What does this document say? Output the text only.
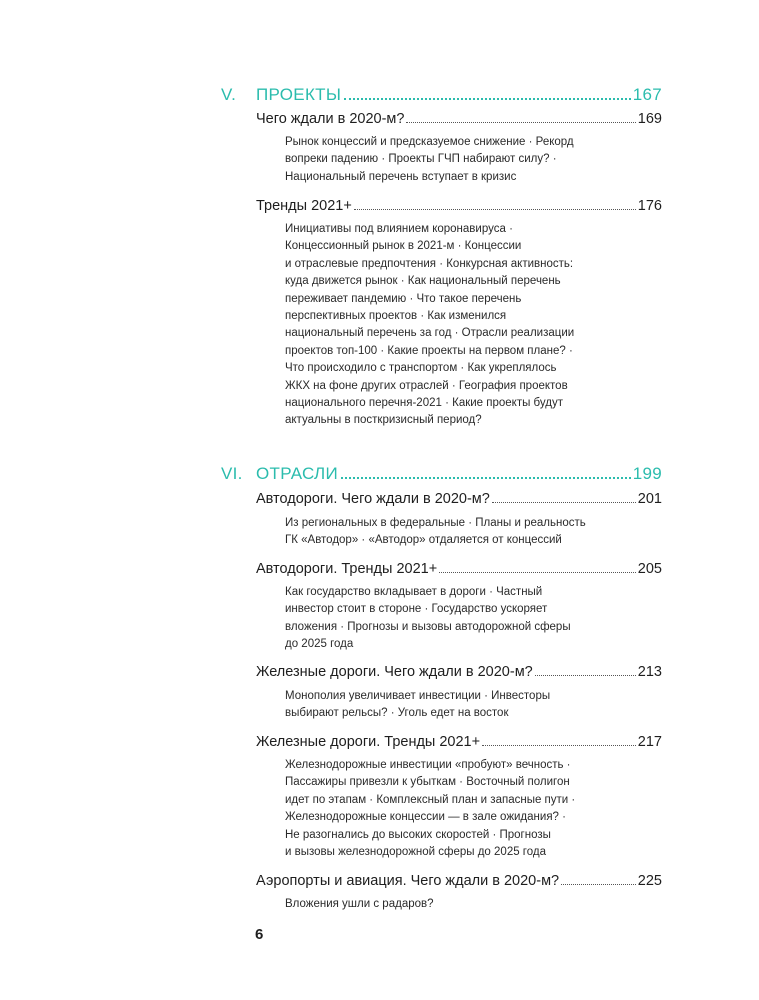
V. ПРОЕКТЫ	167
Чего ждали в 2020-м?	169
Рынок концессий и предсказуемое снижение · Рекорд
вопреки падению · Проекты ГЧП набирают силу? ·
Национальный перечень вступает в кризис
Тренды 2021+	176
Инициативы под влиянием коронавируса ·
Концессионный рынок в 2021-м · Концессии
и отраслевые предпочтения · Конкурсная активность:
куда движется рынок · Как национальный перечень
переживает пандемию · Что такое перечень
перспективных проектов · Как изменился
национальный перечень за год · Отрасли реализации
проектов топ-100 · Какие проекты на первом плане? ·
Что происходило с транспортом · Как укреплялось
ЖКХ на фоне других отраслей · География проектов
национального перечня-2021 · Какие проекты будут
актуальны в посткризисный период?
VI. ОТРАСЛИ	199
Автодороги. Чего ждали в 2020-м?	201
Из региональных в федеральные · Планы и реальность
ГК «Автодор» · «Автодор» отдаляется от концессий
Автодороги. Тренды 2021+	205
Как государство вкладывает в дороги · Частный
инвестор стоит в стороне · Государство ускоряет
вложения · Прогнозы и вызовы автодорожной сферы
до 2025 года
Железные дороги. Чего ждали в 2020-м?	213
Монополия увеличивает инвестиции · Инвесторы
выбирают рельсы? · Уголь едет на восток
Железные дороги. Тренды 2021+	217
Железнодорожные инвестиции «пробуют» вечность ·
Пассажиры привезли к убыткам · Восточный полигон
идет по этапам · Комплексный план и запасные пути ·
Железнодорожные концессии — в зале ожидания? ·
Не разогнались до высоких скоростей · Прогнозы
и вызовы железнодорожной сферы до 2025 года
Аэропорты и авиация. Чего ждали в 2020-м?	225
Вложения ушли с радаров?
6
